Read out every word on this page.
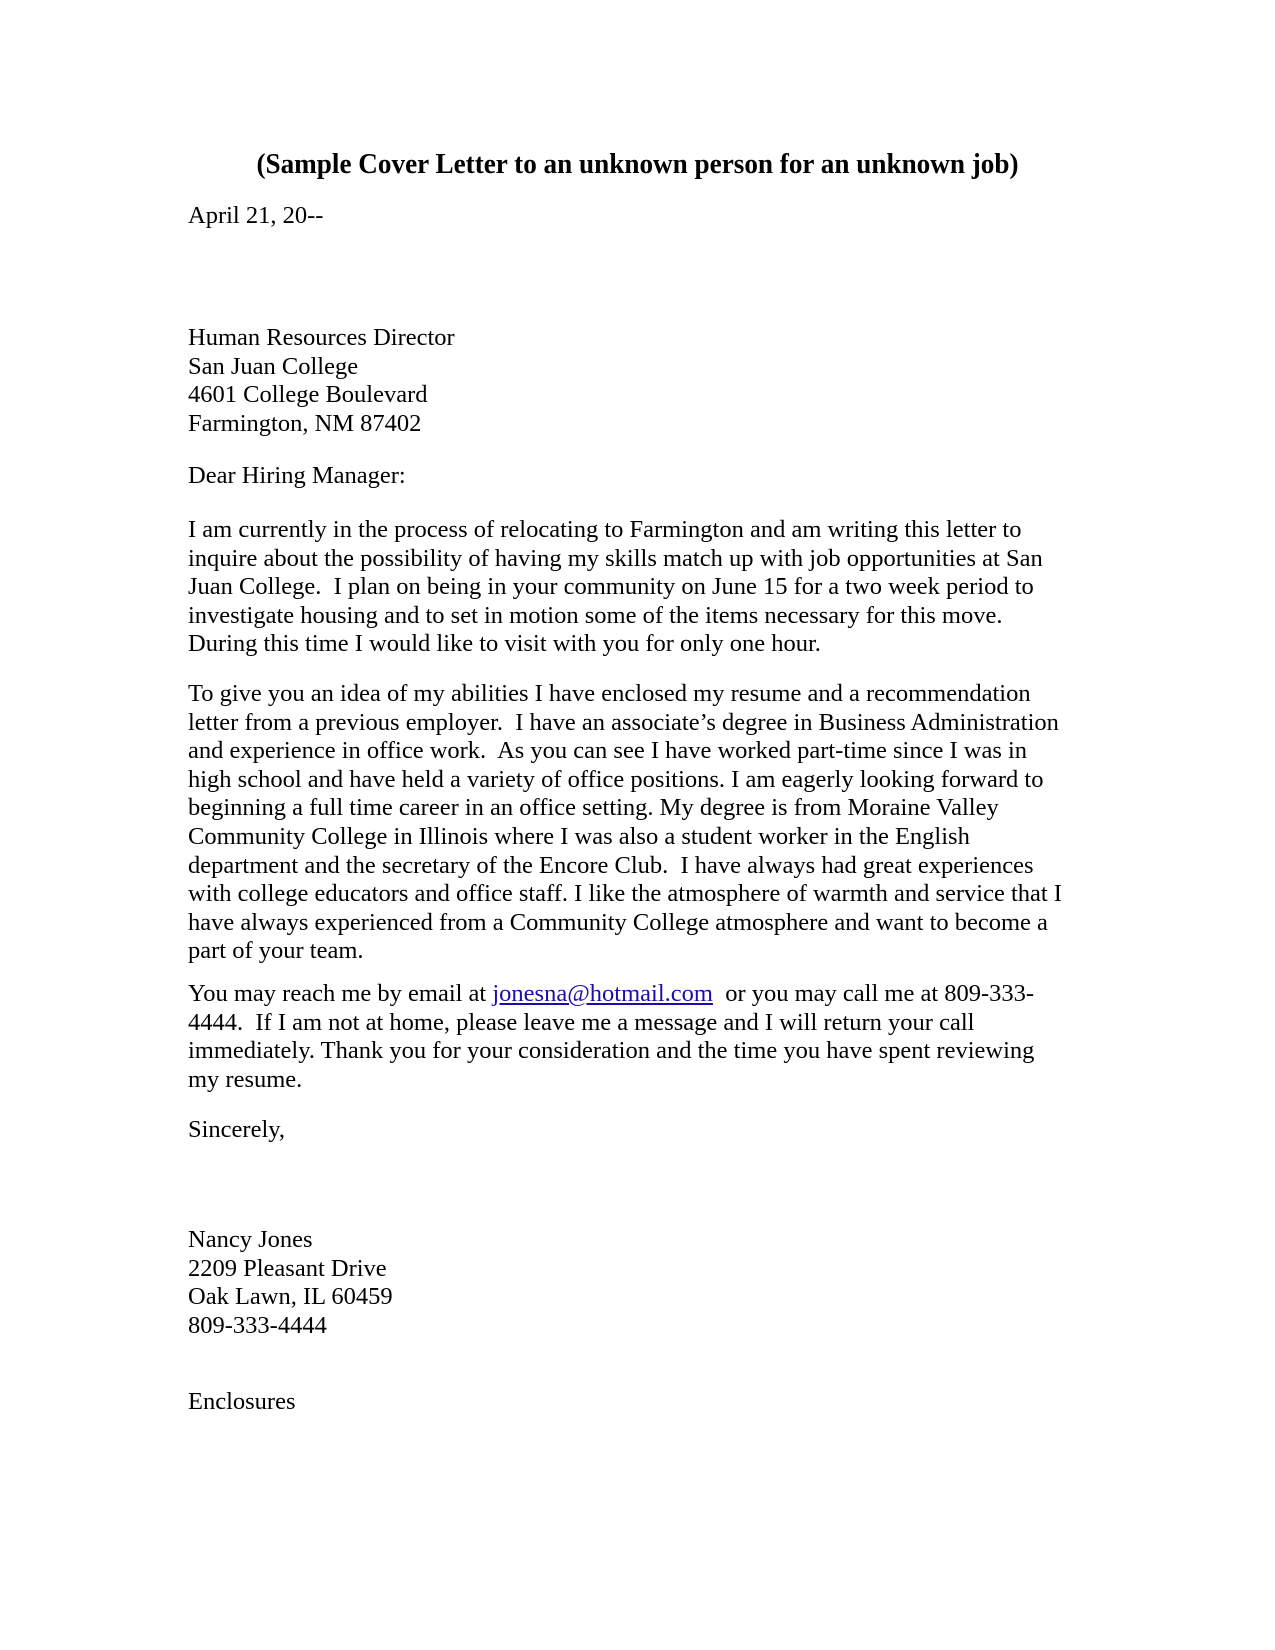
(Sample Cover Letter to an unknown person for an unknown job)
April 21, 20--
Human Resources Director
San Juan College
4601 College Boulevard
Farmington, NM 87402
Dear Hiring Manager:
I am currently in the process of relocating to Farmington and am writing this letter to
inquire about the possibility of having my skills match up with job opportunities at San
Juan College.  I plan on being in your community on June 15 for a two week period to
investigate housing and to set in motion some of the items necessary for this move.
During this time I would like to visit with you for only one hour.
To give you an idea of my abilities I have enclosed my resume and a recommendation
letter from a previous employer.  I have an associate’s degree in Business Administration
and experience in office work.  As you can see I have worked part-time since I was in
high school and have held a variety of office positions. I am eagerly looking forward to
beginning a full time career in an office setting. My degree is from Moraine Valley
Community College in Illinois where I was also a student worker in the English
department and the secretary of the Encore Club.  I have always had great experiences
with college educators and office staff. I like the atmosphere of warmth and service that I
have always experienced from a Community College atmosphere and want to become a
part of your team.
You may reach me by email at jonesna@hotmail.com  or you may call me at 809-333-
4444.  If I am not at home, please leave me a message and I will return your call
immediately. Thank you for your consideration and the time you have spent reviewing
my resume.
Sincerely,
Nancy Jones
2209 Pleasant Drive
Oak Lawn, IL 60459
809-333-4444
Enclosures
